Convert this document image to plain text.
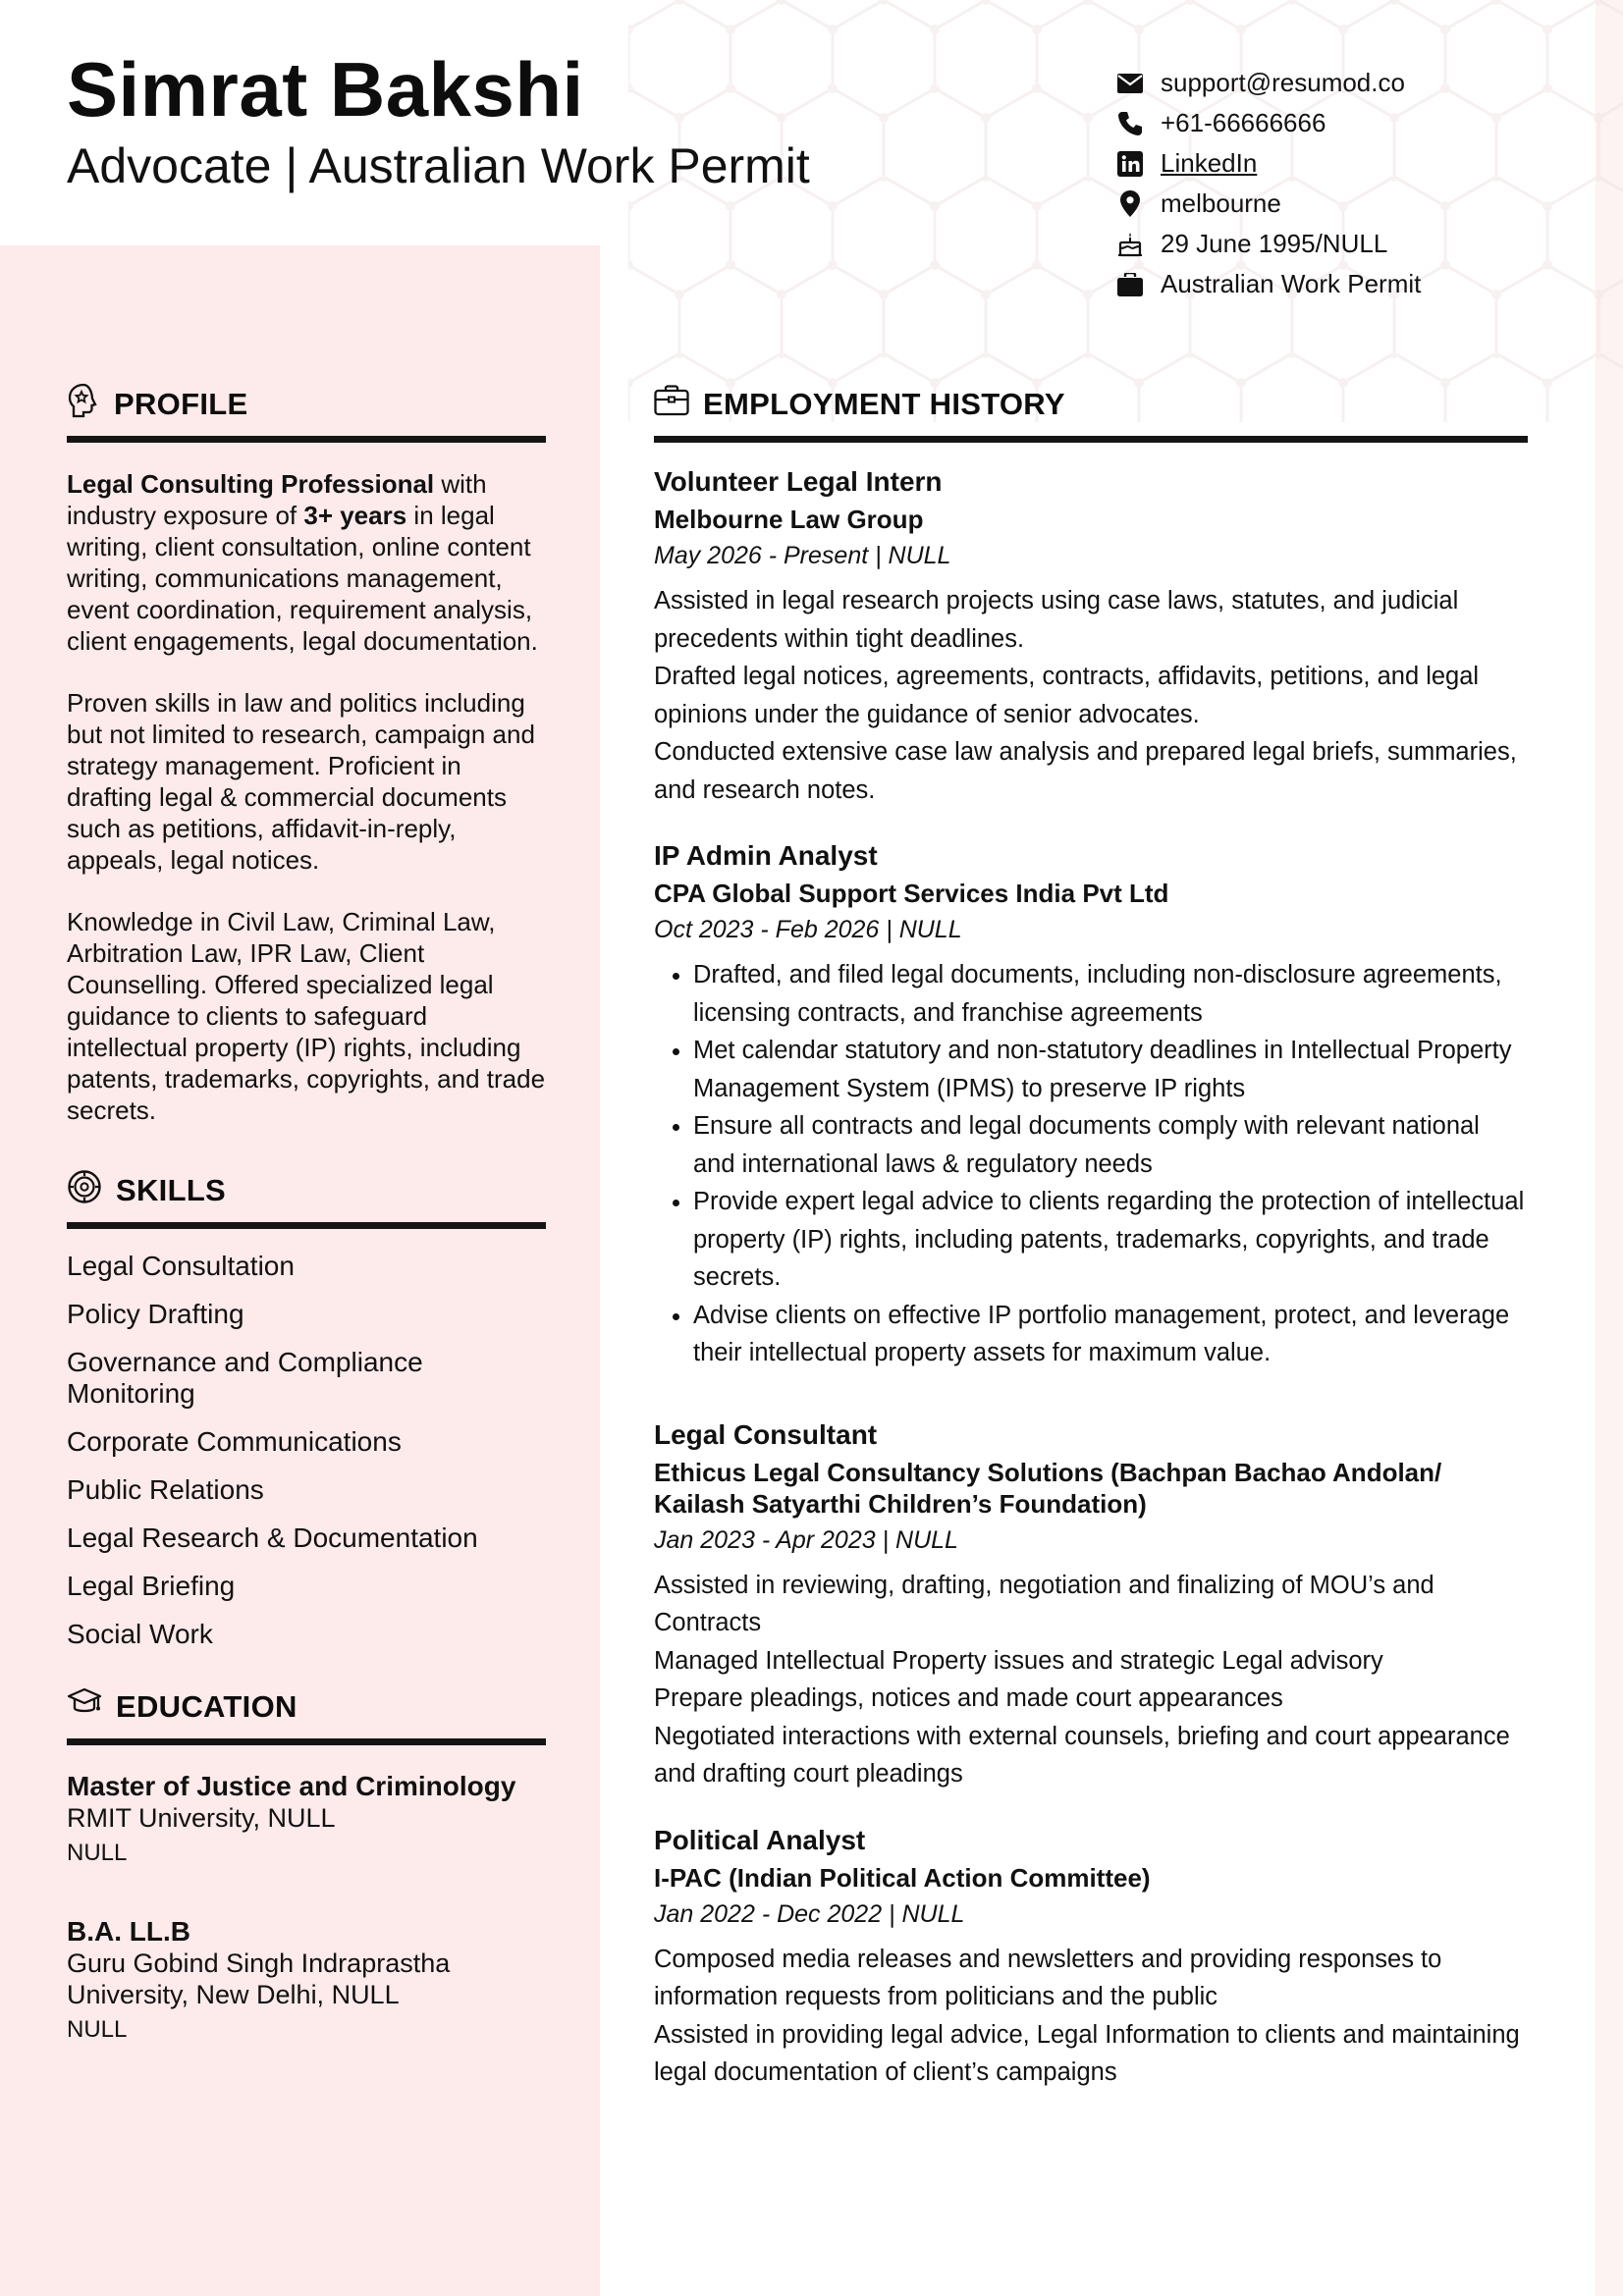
Simrat Bakshi
Advocate | Australian Work Permit
support@resumod.co
+61-66666666
LinkedIn
melbourne
29 June 1995/NULL
Australian Work Permit
PROFILE

Legal Consulting Professional with industry exposure of 3+ years in legal writing, client consultation, online content writing, communications management, event coordination, requirement analysis, client engagements, legal documentation.

Proven skills in law and politics including but not limited to research, campaign and strategy management. Proficient in drafting legal & commercial documents such as petitions, affidavit-in-reply, appeals, legal notices.

Knowledge in Civil Law, Criminal Law, Arbitration Law, IPR Law, Client Counselling. Offered specialized legal guidance to clients to safeguard intellectual property (IP) rights, including patents, trademarks, copyrights, and trade secrets.

SKILLS
Legal Consultation
Policy Drafting
Governance and Compliance Monitoring
Corporate Communications
Public Relations
Legal Research & Documentation
Legal Briefing
Social Work
EDUCATION
Master of Justice and Criminology
RMIT University, NULL
NULL
B.A. LL.B
Guru Gobind Singh Indraprastha University, New Delhi, NULL
NULL
EMPLOYMENT HISTORY
Volunteer Legal Intern
Melbourne Law Group
May 2026 - Present | NULL
Assisted in legal research projects using case laws, statutes, and judicial precedents within tight deadlines.
Drafted legal notices, agreements, contracts, affidavits, petitions, and legal opinions under the guidance of senior advocates.
Conducted extensive case law analysis and prepared legal briefs, summaries, and research notes.
IP Admin Analyst
CPA Global Support Services India Pvt Ltd
Oct 2023 - Feb 2026 | NULL
• Drafted, and filed legal documents, including non-disclosure agreements, licensing contracts, and franchise agreements
• Met calendar statutory and non-statutory deadlines in Intellectual Property Management System (IPMS) to preserve IP rights
• Ensure all contracts and legal documents comply with relevant national and international laws & regulatory needs
• Provide expert legal advice to clients regarding the protection of intellectual property (IP) rights, including patents, trademarks, copyrights, and trade secrets.
• Advise clients on effective IP portfolio management, protect, and leverage their intellectual property assets for maximum value.
Legal Consultant
Ethicus Legal Consultancy Solutions (Bachpan Bachao Andolan/ Kailash Satyarthi Children’s Foundation)
Jan 2023 - Apr 2023 | NULL
Assisted in reviewing, drafting, negotiation and finalizing of MOU’s and Contracts
Managed Intellectual Property issues and strategic Legal advisory
Prepare pleadings, notices and made court appearances
Negotiated interactions with external counsels, briefing and court appearance and drafting court pleadings
Political Analyst
I-PAC (Indian Political Action Committee)
Jan 2022 - Dec 2022 | NULL
Composed media releases and newsletters and providing responses to information requests from politicians and the public
Assisted in providing legal advice, Legal Information to clients and maintaining legal documentation of client’s campaigns
